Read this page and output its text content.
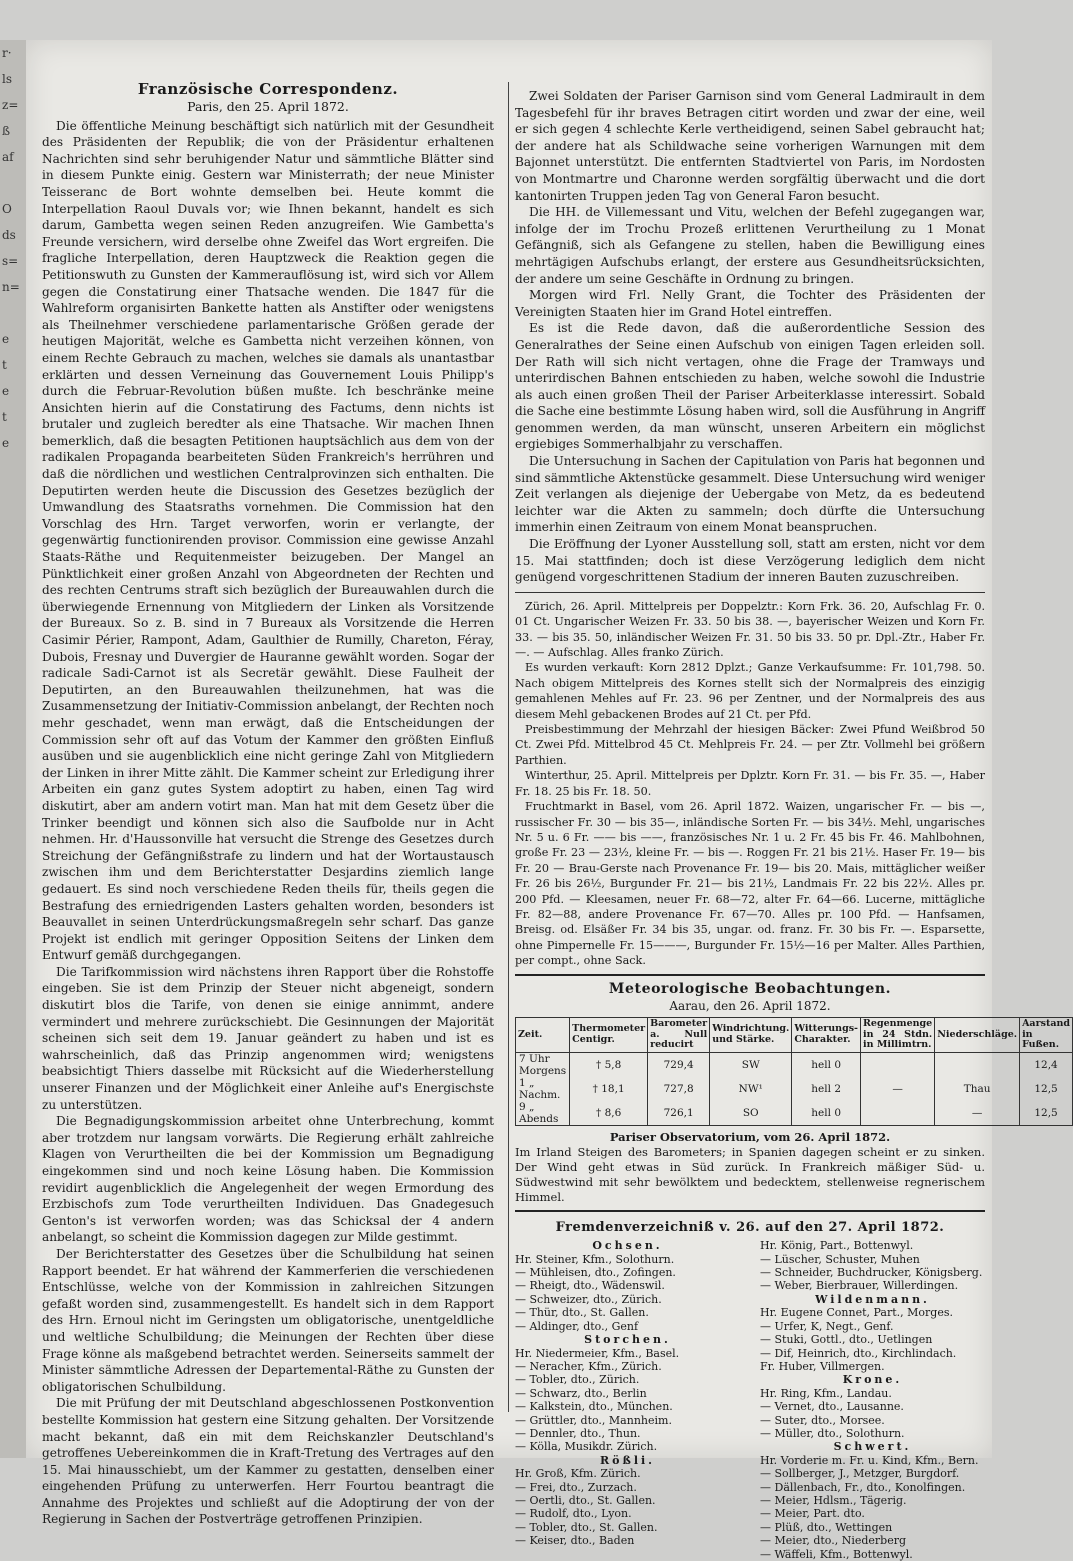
r·
ls
z=
ß
af

O
ds
s=
n=

e
t
e
t
e
Französische Correspondenz.
Paris, den 25. April 1872.

Die öffentliche Meinung beschäftigt sich natürlich mit der Gesundheit des Präsidenten der Republik; die von der Präsidentur erhaltenen Nachrichten sind sehr beruhigender Natur und sämmtliche Blätter sind in diesem Punkte einig. Gestern war Ministerrath; der neue Minister Teisseranc de Bort wohnte demselben bei. Heute kommt die Interpellation Raoul Duvals vor; wie Ihnen bekannt, handelt es sich darum, Gambetta wegen seinen Reden anzugreifen. Wie Gambetta's Freunde versichern, wird derselbe ohne Zweifel das Wort ergreifen. Die fragliche Interpellation, deren Hauptzweck die Reaktion gegen die Petitionswuth zu Gunsten der Kammerauflösung ist, wird sich vor Allem gegen die Constatirung einer Thatsache wenden. Die 1847 für die Wahlreform organisirten Bankette hatten als Anstifter oder wenigstens als Theilnehmer verschiedene parlamentarische Größen gerade der heutigen Majorität, welche es Gambetta nicht verzeihen können, von einem Rechte Gebrauch zu machen, welches sie damals als unantastbar erklärten und dessen Verneinung das Gouvernement Louis Philipp's durch die Februar-Revolution büßen mußte. Ich beschränke meine Ansichten hierin auf die Constatirung des Factums, denn nichts ist brutaler und zugleich beredter als eine Thatsache. Wir machen Ihnen bemerklich, daß die besagten Petitionen hauptsächlich aus dem von der radikalen Propaganda bearbeiteten Süden Frankreich's herrühren und daß die nördlichen und westlichen Centralprovinzen sich enthalten. Die Deputirten werden heute die Discussion des Gesetzes bezüglich der Umwandlung des Staatsraths vornehmen. Die Commission hat den Vorschlag des Hrn. Target verworfen, worin er verlangte, der gegenwärtig functionirenden provisor. Commission eine gewisse Anzahl Staats-Räthe und Requitenmeister beizugeben. Der Mangel an Pünktlichkeit einer großen Anzahl von Abgeordneten der Rechten und des rechten Centrums straft sich bezüglich der Bureauwahlen durch die überwiegende Ernennung von Mitgliedern der Linken als Vorsitzende der Bureaux. So z. B. sind in 7 Bureaux als Vorsitzende die Herren Casimir Périer, Rampont, Adam, Gaulthier de Rumilly, Chareton, Féray, Dubois, Fresnay und Duvergier de Hauranne gewählt worden. Sogar der radicale Sadi-Carnot ist als Secretär gewählt. Diese Faulheit der Deputirten, an den Bureauwahlen theilzunehmen, hat was die Zusammensetzung der Initiativ-Commission anbelangt, der Rechten noch mehr geschadet, wenn man erwägt, daß die Entscheidungen der Commission sehr oft auf das Votum der Kammer den größten Einfluß ausüben und sie augenblicklich eine nicht geringe Zahl von Mitgliedern der Linken in ihrer Mitte zählt. Die Kammer scheint zur Erledigung ihrer Arbeiten ein ganz gutes System adoptirt zu haben, einen Tag wird diskutirt, aber am andern votirt man. Man hat mit dem Gesetz über die Trinker beendigt und können sich also die Saufbolde nur in Acht nehmen. Hr. d'Haussonville hat versucht die Strenge des Gesetzes durch Streichung der Gefängnißstrafe zu lindern und hat der Wortaustausch zwischen ihm und dem Berichterstatter Desjardins ziemlich lange gedauert. Es sind noch verschiedene Reden theils für, theils gegen die Bestrafung des erniedrigenden Lasters gehalten worden, besonders ist Beauvallet in seinen Unterdrückungsmaßregeln sehr scharf. Das ganze Projekt ist endlich mit geringer Opposition Seitens der Linken dem Entwurf gemäß durchgegangen.

Die Tarifkommission wird nächstens ihren Rapport über die Rohstoffe eingeben. Sie ist dem Prinzip der Steuer nicht abgeneigt, sondern diskutirt blos die Tarife, von denen sie einige annimmt, andere vermindert und mehrere zurückschiebt. Die Gesinnungen der Majorität scheinen sich seit dem 19. Januar geändert zu haben und ist es wahrscheinlich, daß das Prinzip angenommen wird; wenigstens beabsichtigt Thiers dasselbe mit Rücksicht auf die Wiederherstellung unserer Finanzen und der Möglichkeit einer Anleihe auf's Energischste zu unterstützen.

Die Begnadigungskommission arbeitet ohne Unterbrechung, kommt aber trotzdem nur langsam vorwärts. Die Regierung erhält zahlreiche Klagen von Verurtheilten die bei der Kommission um Begnadigung eingekommen sind und noch keine Lösung haben. Die Kommission revidirt augenblicklich die Angelegenheit der wegen Ermordung des Erzbischofs zum Tode verurtheilten Individuen. Das Gnadegesuch Genton's ist verworfen worden; was das Schicksal der 4 andern anbelangt, so scheint die Kommission dagegen zur Milde gestimmt.

Der Berichterstatter des Gesetzes über die Schulbildung hat seinen Rapport beendet. Er hat während der Kammerferien die verschiedenen Entschlüsse, welche von der Kommission in zahlreichen Sitzungen gefaßt worden sind, zusammengestellt. Es handelt sich in dem Rapport des Hrn. Ernoul nicht im Geringsten um obligatorische, unentgeldliche und weltliche Schulbildung; die Meinungen der Rechten über diese Frage könne als maßgebend betrachtet werden. Seinerseits sammelt der Minister sämmtliche Adressen der Departemental-Räthe zu Gunsten der obligatorischen Schulbildung.

Die mit Prüfung der mit Deutschland abgeschlossenen Postkonvention bestellte Kommission hat gestern eine Sitzung gehalten. Der Vorsitzende macht bekannt, daß ein mit dem Reichskanzler Deutschland's getroffenes Uebereinkommen die in Kraft-Tretung des Vertrages auf den 15. Mai hinausschiebt, um der Kammer zu gestatten, denselben einer eingehenden Prüfung zu unterwerfen. Herr Fourtou beantragt die Annahme des Projektes und schließt auf die Adoptirung der von der Regierung in Sachen der Postverträge getroffenen Prinzipien.

Zwei Soldaten der Pariser Garnison sind vom General Ladmirault in dem Tagesbefehl für ihr braves Betragen citirt worden und zwar der eine, weil er sich gegen 4 schlechte Kerle vertheidigend, seinen Sabel gebraucht hat; der andere hat als Schildwache seine vorherigen Warnungen mit dem Bajonnet unterstützt. Die entfernten Stadtviertel von Paris, im Nordosten von Montmartre und Charonne werden sorgfältig überwacht und die dort kantonirten Truppen jeden Tag von General Faron besucht.

Die HH. de Villemessant und Vitu, welchen der Befehl zugegangen war, infolge der im Trochu Prozeß erlittenen Verurtheilung zu 1 Monat Gefängniß, sich als Gefangene zu stellen, haben die Bewilligung eines mehrtägigen Aufschubs erlangt, der erstere aus Gesundheitsrücksichten, der andere um seine Geschäfte in Ordnung zu bringen.

Morgen wird Frl. Nelly Grant, die Tochter des Präsidenten der Vereinigten Staaten hier im Grand Hotel eintreffen.

Es ist die Rede davon, daß die außerordentliche Session des Generalrathes der Seine einen Aufschub von einigen Tagen erleiden soll. Der Rath will sich nicht vertagen, ohne die Frage der Tramways und unterirdischen Bahnen entschieden zu haben, welche sowohl die Industrie als auch einen großen Theil der Pariser Arbeiterklasse interessirt. Sobald die Sache eine bestimmte Lösung haben wird, soll die Ausführung in Angriff genommen werden, da man wünscht, unseren Arbeitern ein möglichst ergiebiges Sommerhalbjahr zu verschaffen.

Die Untersuchung in Sachen der Capitulation von Paris hat begonnen und sind sämmtliche Aktenstücke gesammelt. Diese Untersuchung wird weniger Zeit verlangen als diejenige der Uebergabe von Metz, da es bedeutend leichter war die Akten zu sammeln; doch dürfte die Untersuchung immerhin einen Zeitraum von einem Monat beanspruchen.

Die Eröffnung der Lyoner Ausstellung soll, statt am ersten, nicht vor dem 15. Mai stattfinden; doch ist diese Verzögerung lediglich dem nicht genügend vorgeschrittenen Stadium der inneren Bauten zuzuschreiben.

Zürich, 26. April. Mittelpreis per Doppelztr.: Korn Frk. 36. 20, Aufschlag Fr. 0. 01 Ct. Ungarischer Weizen Fr. 33. 50 bis 38. —, bayerischer Weizen und Korn Fr. 33. — bis 35. 50, inländischer Weizen Fr. 31. 50 bis 33. 50 pr. Dpl.-Ztr., Haber Fr. —. — Aufschlag. Alles franko Zürich.

Es wurden verkauft: Korn 2812 Dplzt.; Ganze Verkaufsumme: Fr. 101,798. 50. Nach obigem Mittelpreis des Kornes stellt sich der Normalpreis des einzigig gemahlenen Mehles auf Fr. 23. 96 per Zentner, und der Normalpreis des aus diesem Mehl gebackenen Brodes auf 21 Ct. per Pfd.

Preisbestimmung der Mehrzahl der hiesigen Bäcker: Zwei Pfund Weißbrod 50 Ct. Zwei Pfd. Mittelbrod 45 Ct. Mehlpreis Fr. 24. — per Ztr. Vollmehl bei größern Parthien.

Winterthur, 25. April. Mittelpreis per Dplztr. Korn Fr. 31. — bis Fr. 35. —, Haber Fr. 18. 25 bis Fr. 18. 50.

Fruchtmarkt in Basel, vom 26. April 1872. Waizen, ungarischer Fr. — bis —, russischer Fr. 30 — bis 35—, inländische Sorten Fr. — bis 34½. Mehl, ungarisches Nr. 5 u. 6 Fr. —— bis ——, französisches Nr. 1 u. 2 Fr. 45 bis Fr. 46. Mahlbohnen, große Fr. 23 — 23½, kleine Fr. — bis —. Roggen Fr. 21 bis 21½. Haser Fr. 19— bis Fr. 20 — Brau-Gerste nach Provenance Fr. 19— bis 20. Mais, mittäglicher weißer Fr. 26 bis 26½, Burgunder Fr. 21— bis 21½, Landmais Fr. 22 bis 22½. Alles pr. 200 Pfd. — Kleesamen, neuer Fr. 68—72, alter Fr. 64—66. Lucerne, mittägliche Fr. 82—88, andere Provenance Fr. 67—70. Alles pr. 100 Pfd. — Hanfsamen, Breisg. od. Elsäßer Fr. 34 bis 35, ungar. od. franz. Fr. 30 bis Fr. —. Esparsette, ohne Pimpernelle Fr. 15———, Burgunder Fr. 15½—16 per Malter. Alles Parthien, per compt., ohne Sack.

Meteorologische Beobachtungen.
Aarau, den 26. April 1872.
Zeit.	Thermometer Centigr.	Barometer a. Null reducirt	Windrichtung. und Stärke.	Witterungs-Charakter.	Regenmenge in 24 Stdn. in Millimtrn.	Niederschläge.	Aarstand in Fußen.
7 Uhr Morgens	† 5,8	729,4	SW	hell 0			12,4
1 „ Nachm.	† 18,1	727,8	NW¹	hell 2	—	Thau	12,5
9 „ Abends	† 8,6	726,1	SO	hell 0		—	12,5
Pariser Observatorium, vom 26. April 1872.
Im Irland Steigen des Barometers; in Spanien dagegen scheint er zu sinken. Der Wind geht etwas in Süd zurück. In Frankreich mäßiger Süd- u. Südwestwind mit sehr bewölktem und bedecktem, stellenweise regnerischem Himmel.
Fremdenverzeichniß v. 26. auf den 27. April 1872.
Ochsen.
Hr. Steiner, Kfm., Solothurn.
— Mühleisen, dto., Zofingen.
— Rheigt, dto., Wädenswil.
— Schweizer, dto., Zürich.
— Thür, dto., St. Gallen.
— Aldinger, dto., Genf
Storchen.
Hr. Niedermeier, Kfm., Basel.
— Neracher, Kfm., Zürich.
— Tobler, dto., Zürich.
— Schwarz, dto., Berlin
— Kalkstein, dto., München.
— Grüttler, dto., Mannheim.
— Dennler, dto., Thun.
— Kölla, Musikdr. Zürich.
Rößli.
Hr. Groß, Kfm. Zürich.
— Frei, dto., Zurzach.
— Oertli, dto., St. Gallen.
— Rudolf, dto., Lyon.
— Tobler, dto., St. Gallen.
— Keiser, dto., Baden
Hr. König, Part., Bottenwyl.
— Lüscher, Schuster, Muhen
— Schneider, Buchdrucker, Königsberg.
— Weber, Bierbrauer, Willerdingen.
Wildenmann.
Hr. Eugene Connet, Part., Morges.
— Urfer, K, Negt., Genf.
— Stuki, Gottl., dto., Uetlingen
— Dif, Heinrich, dto., Kirchlindach.
Fr. Huber, Villmergen.
Krone.
Hr. Ring, Kfm., Landau.
— Vernet, dto., Lausanne.
— Suter, dto., Morsee.
— Müller, dto., Solothurn.
Schwert.
Hr. Vorderie m. Fr. u. Kind, Kfm., Bern.
— Sollberger, J., Metzger, Burgdorf.
— Dällenbach, Fr., dto., Konolfingen.
— Meier, Hdlsm., Tägerig.
— Meier, Part. dto.
— Plüß, dto., Wettingen
— Meier, dto., Niederberg
— Wäffeli, Kfm., Bottenwyl.
